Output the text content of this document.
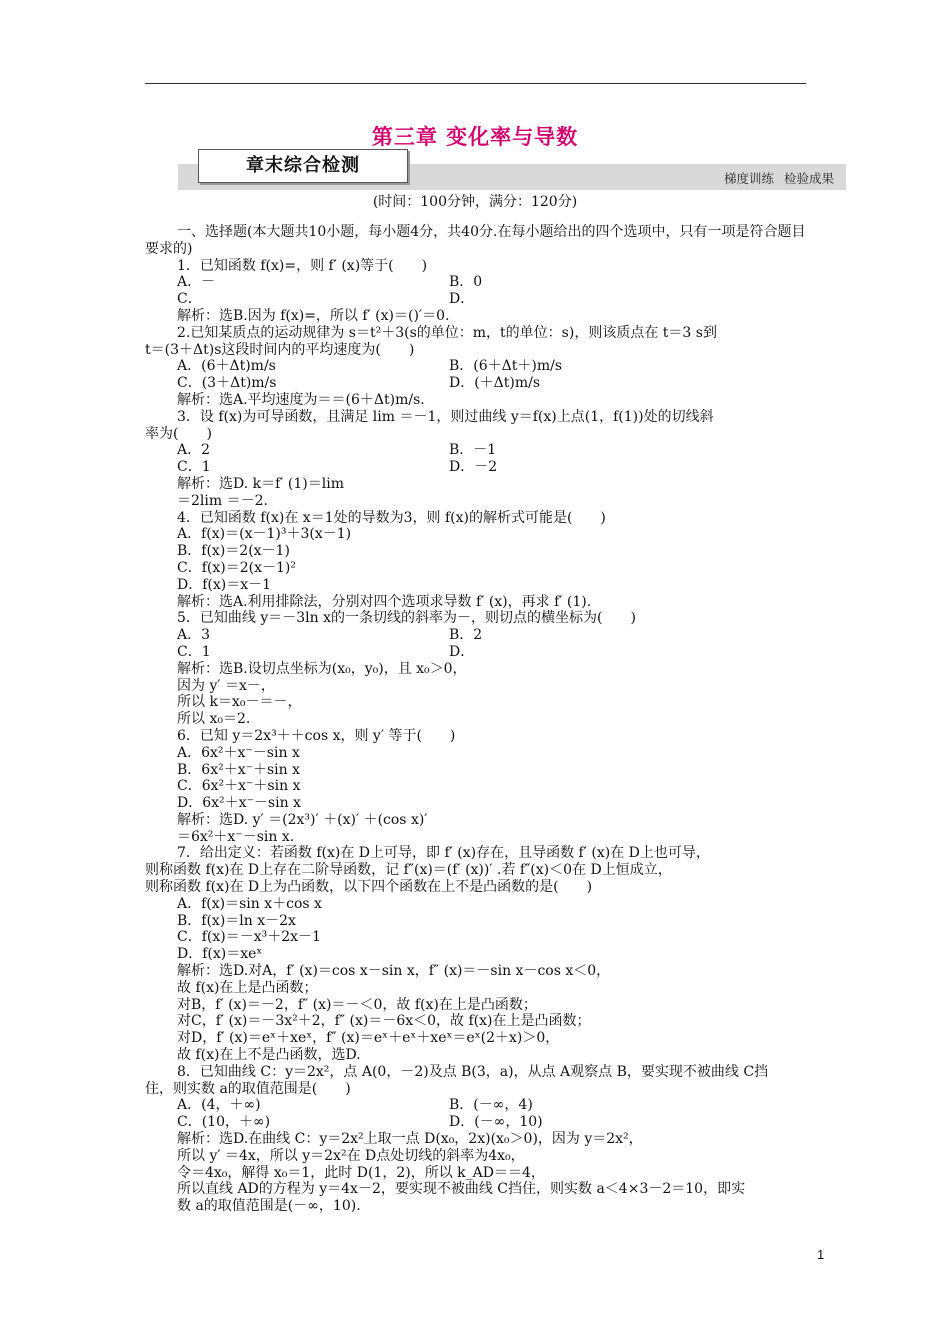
第三章 变化率与导数
梯度训练 检验成果
章末综合检测
(时间：100分钟，满分：120分)
一、选择题(本大题共10小题，每小题4分，共40分.在每小题给出的四个选项中，只有一项是符合题目要求的)
1．已知函数 f(x)=，则 f′ (x)等于(　　)
A．－	B．0
C．	D．
解析：选B.因为 f(x)=，所以 f′ (x)＝()′＝0.
2.已知某质点的运动规律为 s＝t²＋3(s的单位：m，t的单位：s)，则该质点在 t＝3 s到
t＝(3＋Δt)s这段时间内的平均速度为(　　)
A．(6＋Δt)m/s	B．(6＋Δt＋)m/s
C．(3＋Δt)m/s	D．(＋Δt)m/s
解析：选A.平均速度为＝＝(6＋Δt)m/s.
3．设 f(x)为可导函数，且满足 lim ＝－1，则过曲线 y＝f(x)上点(1，f(1))处的切线斜
率为(　　)
A．2	B．－1
C．1	D．－2
解析：选D. k＝f′ (1)＝lim
＝2lim ＝－2.
4．已知函数 f(x)在 x＝1处的导数为3，则 f(x)的解析式可能是(　　)
A．f(x)＝(x－1)³＋3(x－1)
B．f(x)＝2(x－1)
C．f(x)＝2(x－1)²
D．f(x)＝x－1
解析：选A.利用排除法，分别对四个选项求导数 f′ (x)，再求 f′ (1).
5．已知曲线 y＝－3ln x的一条切线的斜率为－，则切点的横坐标为(　　)
A．3	B．2
C．1	D．
解析：选B.设切点坐标为(x₀，y₀)，且 x₀＞0，
因为 y′ ＝x－，
所以 k＝x₀－＝－，
所以 x₀＝2.
6．已知 y＝2x³＋＋cos x，则 y′ 等于(　　)
A．6x²＋x⁻－sin x
B．6x²＋x⁻＋sin x
C．6x²＋x⁻＋sin x
D．6x²＋x⁻－sin x
解析：选D. y′ ＝(2x³)′ ＋(x)′ ＋(cos x)′
＝6x²＋x⁻－sin x.
7．给出定义：若函数 f(x)在 D上可导，即 f′ (x)存在，且导函数 f′ (x)在 D上也可导，
则称函数 f(x)在 D上存在二阶导函数，记 f″(x)＝(f′ (x))′ .若 f″(x)＜0在 D上恒成立，
则称函数 f(x)在 D上为凸函数，以下四个函数在上不是凸函数的是(　　)
A．f(x)＝sin x＋cos x
B．f(x)＝ln x－2x
C．f(x)＝－x³＋2x－1
D．f(x)＝xeˣ
解析：选D.对A，f′ (x)＝cos x－sin x，f″ (x)＝－sin x－cos x＜0，
故 f(x)在上是凸函数；
对B，f′ (x)＝－2，f″ (x)＝－＜0，故 f(x)在上是凸函数；
对C，f′ (x)＝－3x²＋2，f″ (x)＝－6x＜0，故 f(x)在上是凸函数；
对D，f′ (x)＝eˣ＋xeˣ，f″ (x)＝eˣ＋eˣ＋xeˣ＝eˣ(2＋x)＞0，
故 f(x)在上不是凸函数，选D.
8．已知曲线 C：y＝2x²，点 A(0，－2)及点 B(3，a)，从点 A观察点 B，要实现不被曲线 C挡
住，则实数 a的取值范围是(　　)
A．(4，＋∞)	B．(－∞，4)
C．(10，＋∞)	D．(－∞，10)
解析：选D.在曲线 C：y＝2x²上取一点 D(x₀，2x)(x₀＞0)，因为 y＝2x²，
所以 y′ ＝4x，所以 y＝2x²在 D点处切线的斜率为4x₀，
令＝4x₀，解得 x₀＝1，此时 D(1，2)，所以 k_AD＝＝4，
所以直线 AD的方程为 y＝4x－2，要实现不被曲线 C挡住，则实数 a＜4×3－2＝10，即实
数 a的取值范围是(－∞，10).
1
